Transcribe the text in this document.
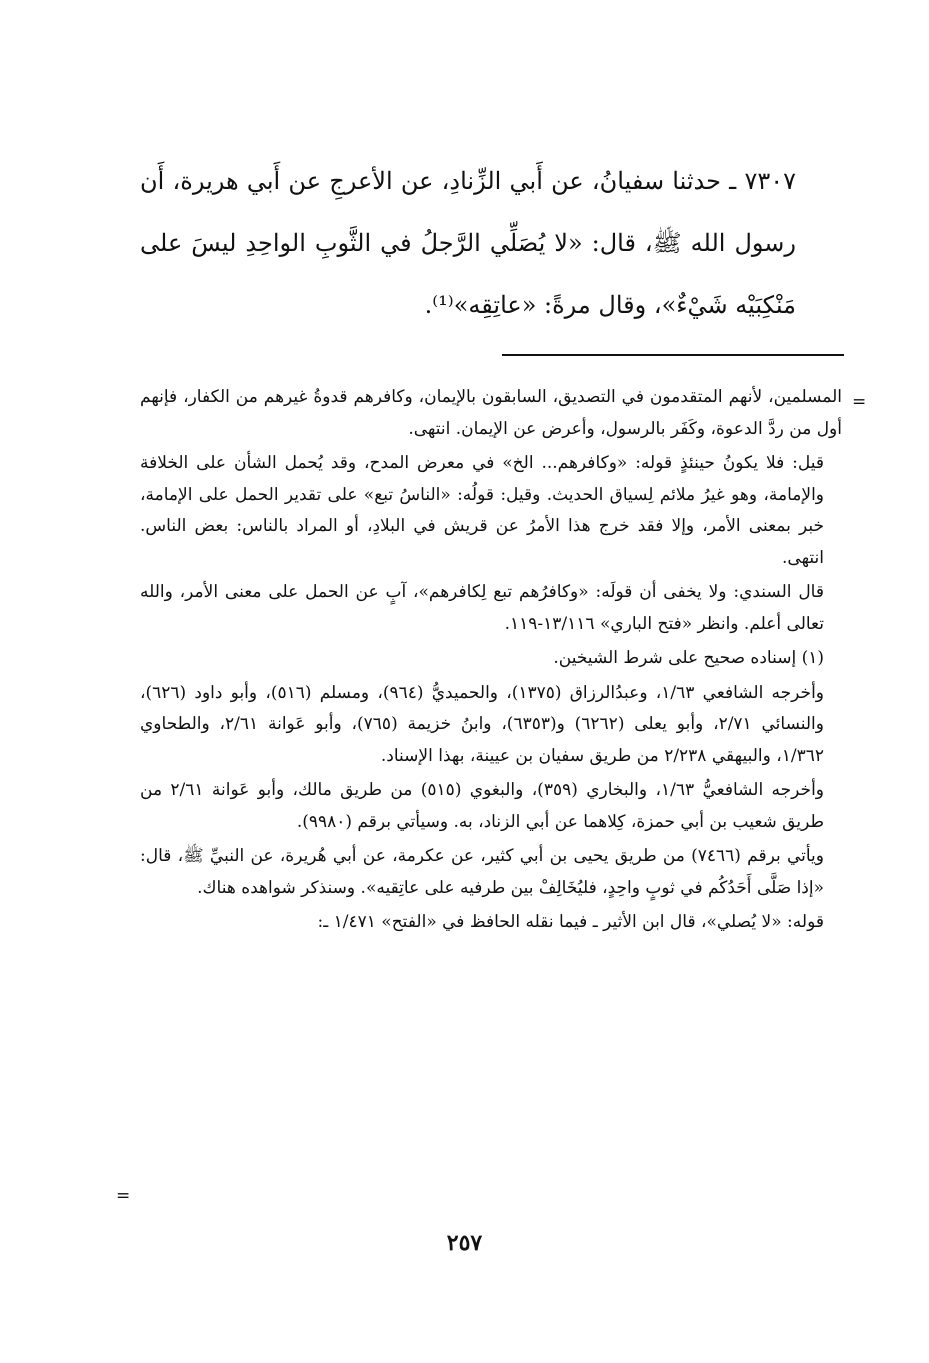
٧٣٠٧ ـ حدثنا سفيانُ، عن أَبي الزِّنادِ، عن الأعرجِ عن أَبي هريرة، أَن رسول الله ﷺ، قال: «لا يُصَلِّي الرَّجلُ في الثَّوبِ الواحِدِ ليسَ على مَنْكِبَيْه شَيْءٌ»، وقال مرةً: «عاتِقِه»⁽¹⁾.

=

المسلمين، لأنهم المتقدمون في التصديق، السابقون بالإيمان، وكافرهم قدوةُ غيرهم من الكفار، فإنهم أول من ردَّ الدعوة، وكَفَر بالرسول، وأعرض عن الإيمان. انتهى.

قيل: فلا يكونُ حينئذٍ قوله: «وكافرهم... الخ» في معرض المدح، وقد يُحمل الشأن على الخلافة والإمامة، وهو غيرُ ملائم لِسياق الحديث. وقيل: قولُه: «الناسُ تبع» على تقدير الحمل على الإمامة، خبر بمعنى الأمر، وإلا فقد خرج هذا الأمرُ عن قريش في البلادِ، أو المراد بالناس: بعض الناس. انتهى.

قال السندي: ولا يخفى أن قولَه: «وكافرُهم تبع لِكافرهم»، آبٍ عن الحمل على معنى الأمر، والله تعالى أعلم. وانظر «فتح الباري» ١٣/١١٦-١١٩.

(١) إسناده صحيح على شرط الشيخين.

وأخرجه الشافعي ١/٦٣، وعبدُالرزاق (١٣٧٥)، والحميديُّ (٩٦٤)، ومسلم (٥١٦)، وأبو داود (٦٢٦)، والنسائي ٢/٧١، وأبو يعلى (٦٢٦٢) و(٦٣٥٣)، وابنُ خزيمة (٧٦٥)، وأبو عَوانة ٢/٦١، والطحاوي ١/٣٦٢، والبيهقي ٢/٢٣٨ من طريق سفيان بن عيينة، بهذا الإسناد.

وأخرجه الشافعيُّ ١/٦٣، والبخاري (٣٥٩)، والبغوي (٥١٥) من طريق مالك، وأبو عَوانة ٢/٦١ من طريق شعيب بن أبي حمزة، كِلاهما عن أبي الزناد، به. وسيأتي برقم (٩٩٨٠).

ويأتي برقم (٧٤٦٦) من طريق يحيى بن أبي كثير، عن عكرمة، عن أبي هُريرة، عن النبيِّ ﷺ، قال: «إذا صَلَّى أَحَدُكُم في ثوبٍ واحِدٍ، فليُخَالِفْ بين طرفيه على عاتِقيه». وسنذكر شواهده هناك.

قوله: «لا يُصلي»، قال ابن الأثير ـ فيما نقله الحافظ في «الفتح» ١/٤٧١ ـ:

=
٢٥٧
